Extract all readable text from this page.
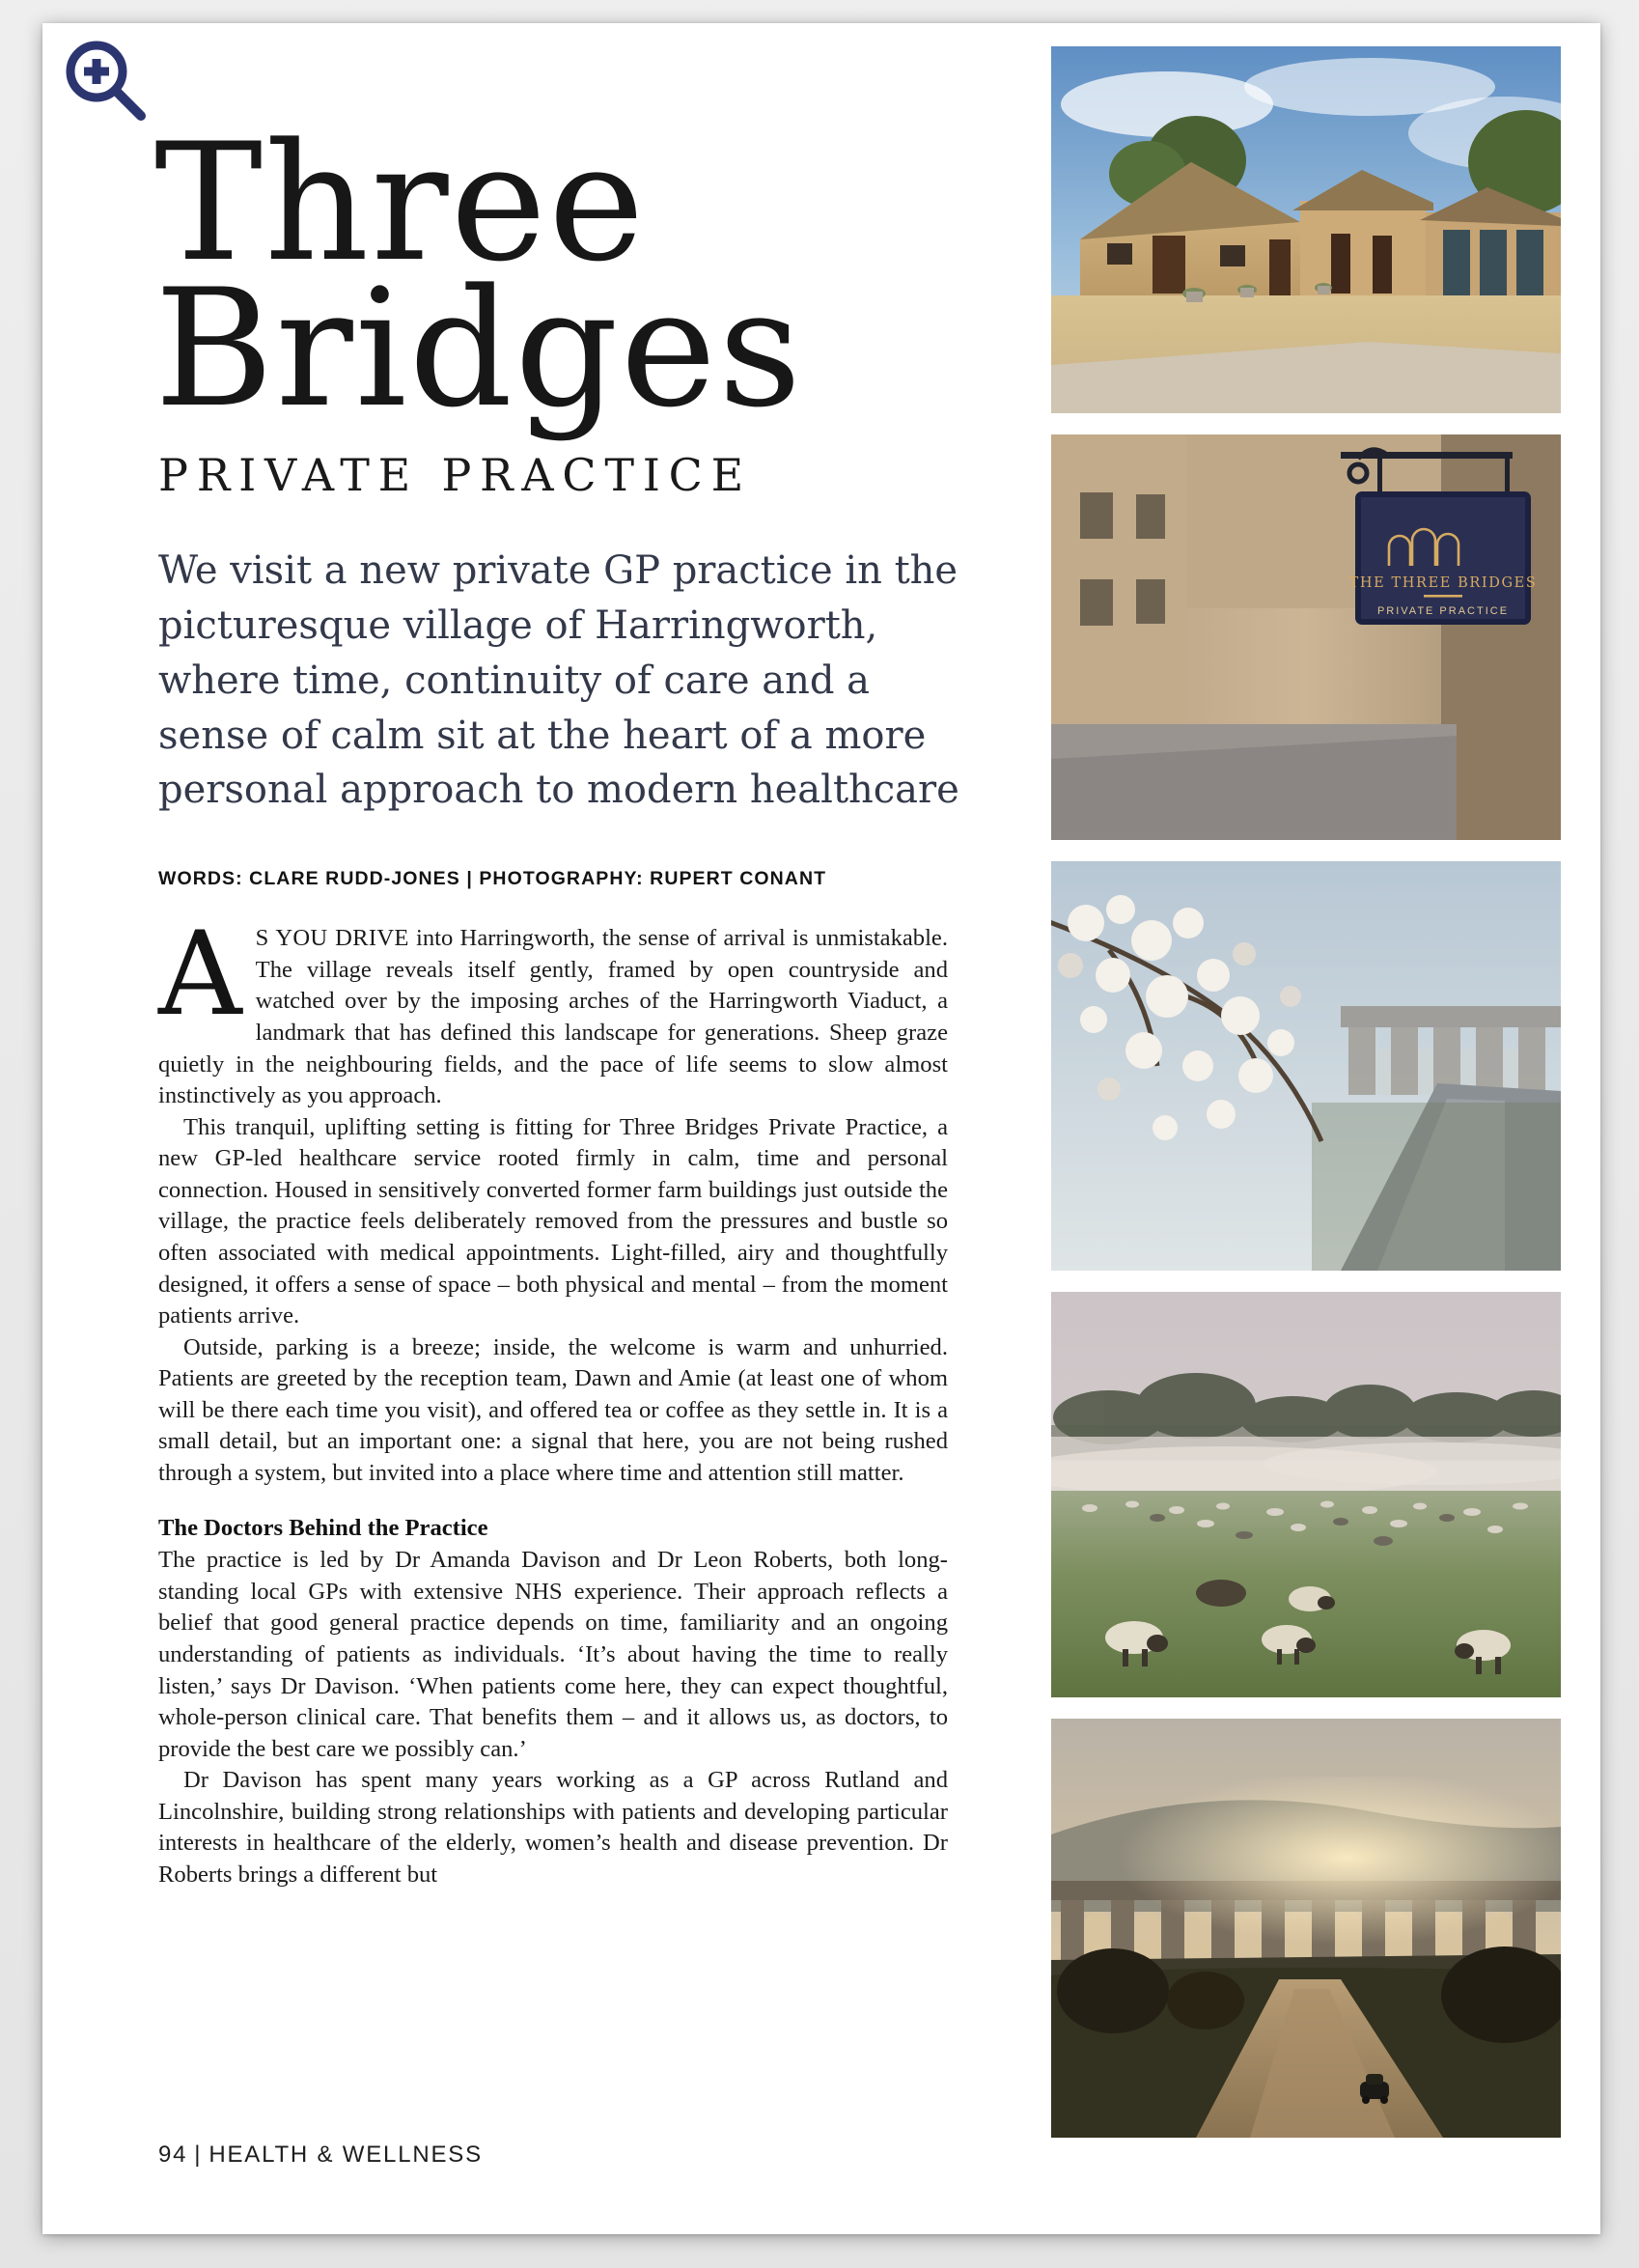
Three
Bridges
PRIVATE PRACTICE
We visit a new private GP practice in the picturesque village of Harringworth, where time, continuity of care and a sense of calm sit at the heart of a more personal approach to modern healthcare
WORDS: CLARE RUDD-JONES | PHOTOGRAPHY: RUPERT CONANT

A S YOU DRIVE into Harringworth, the sense of arrival is unmistakable. The village reveals itself gently, framed by open countryside and watched over by the imposing arches of the Harringworth Viaduct, a landmark that has defined this landscape for generations. Sheep graze quietly in the neighbouring fields, and the pace of life seems to slow almost instinctively as you approach.

This tranquil, uplifting setting is fitting for Three Bridges Private Practice, a new GP-led healthcare service rooted firmly in calm, time and personal connection. Housed in sensitively converted former farm buildings just outside the village, the practice feels deliberately removed from the pressures and bustle so often associated with medical appointments. Light-filled, airy and thoughtfully designed, it offers a sense of space – both physical and mental – from the moment patients arrive.

Outside, parking is a breeze; inside, the welcome is warm and unhurried. Patients are greeted by the reception team, Dawn and Amie (at least one of whom will be there each time you visit), and offered tea or coffee as they settle in. It is a small detail, but an important one: a signal that here, you are not being rushed through a system, but invited into a place where time and attention still matter.

The Doctors Behind the Practice

The practice is led by Dr Amanda Davison and Dr Leon Roberts, both long-standing local GPs with extensive NHS experience. Their approach reflects a belief that good general practice depends on time, familiarity and an ongoing understanding of patients as individuals. ‘It’s about having the time to really listen,’ says Dr Davison. ‘When patients come here, they can expect thoughtful, whole-person clinical care. That benefits them – and it allows us, as doctors, to provide the best care we possibly can.’

Dr Davison has spent many years working as a GP across Rutland and Lincolnshire, building strong relationships with patients and developing particular interests in healthcare of the elderly, women’s health and disease prevention. Dr Roberts brings a different but

94 | HEALTH & WELLNESS
THE THREE BRIDGES
PRIVATE PRACTICE
